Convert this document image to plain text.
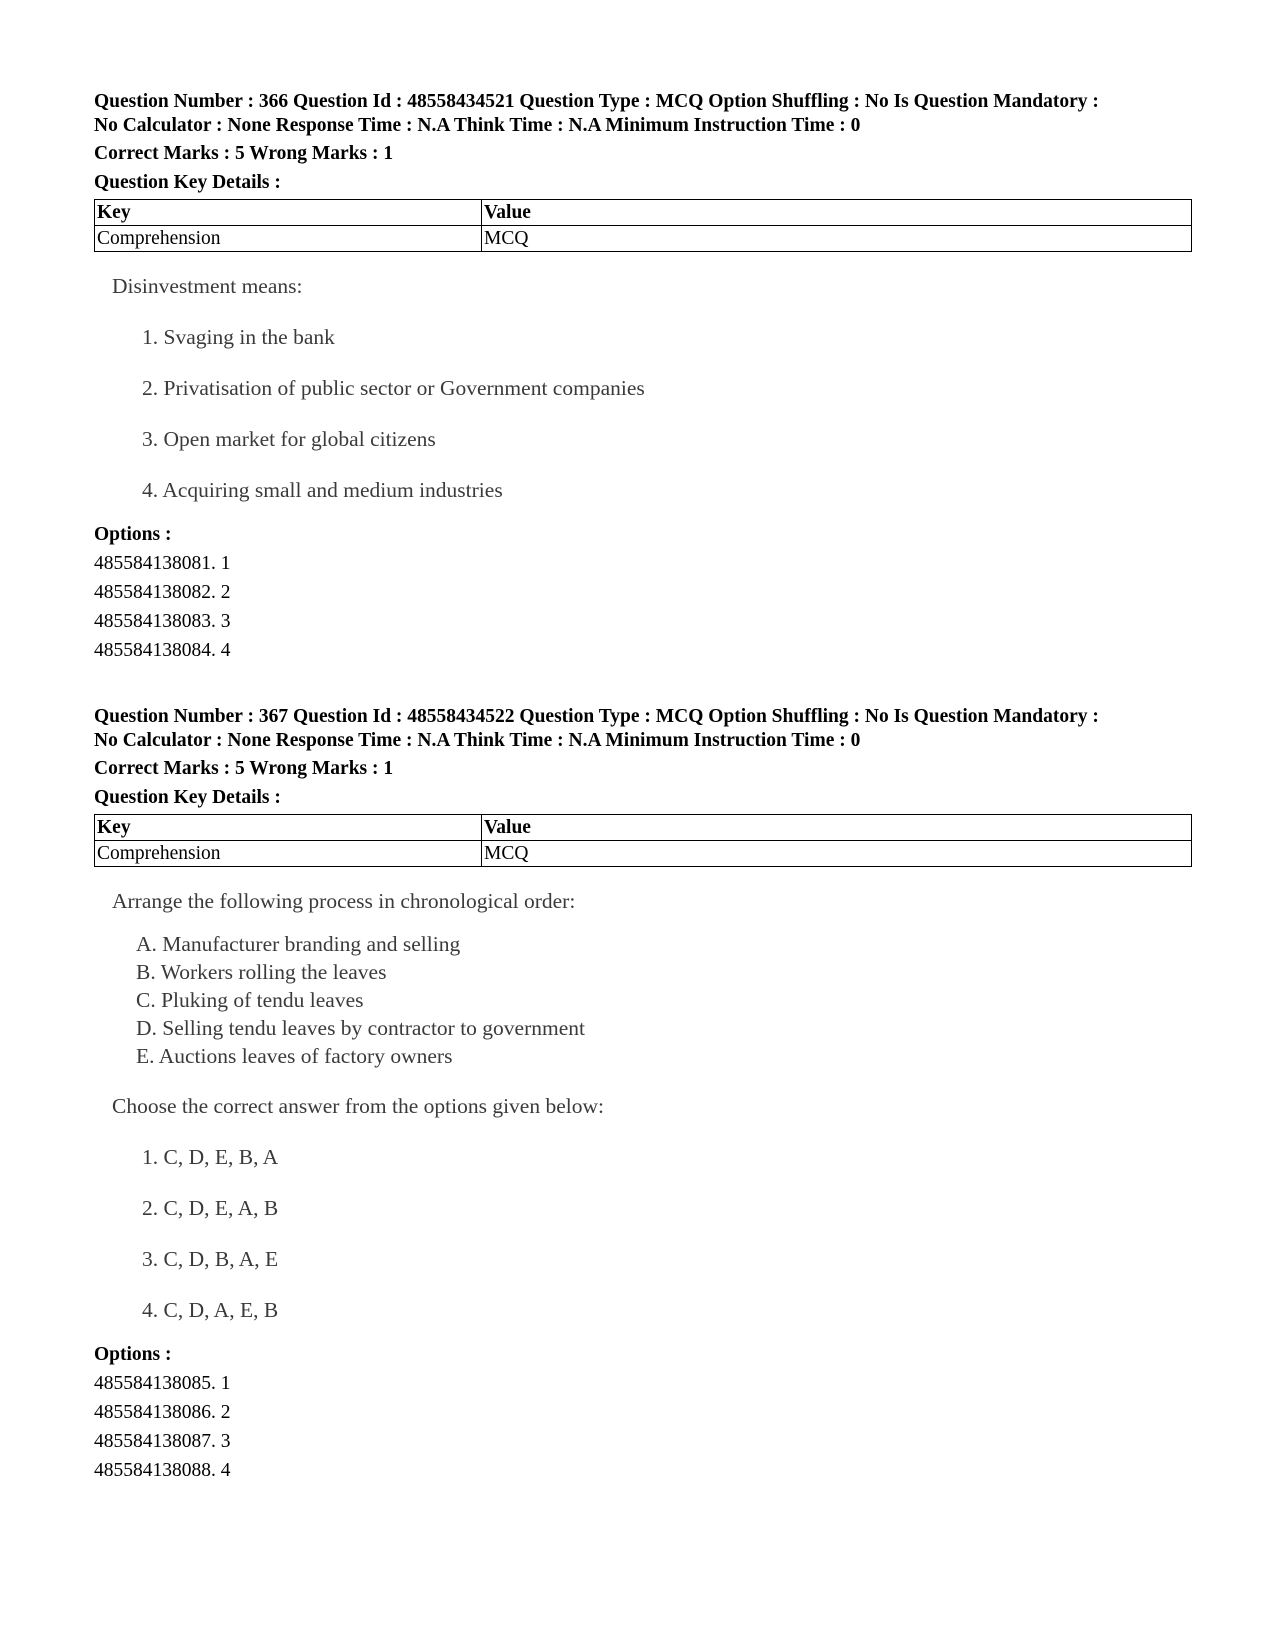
Question Number : 366 Question Id : 48558434521 Question Type : MCQ Option Shuffling : No Is Question Mandatory :
No Calculator : None Response Time : N.A Think Time : N.A Minimum Instruction Time : 0
Correct Marks : 5 Wrong Marks : 1
Question Key Details :
Key	Value
Comprehension	MCQ
Disinvestment means:
1. Svaging in the bank
2. Privatisation of public sector or Government companies
3. Open market for global citizens
4. Acquiring small and medium industries
Options :
485584138081. 1
485584138082. 2
485584138083. 3
485584138084. 4
Question Number : 367 Question Id : 48558434522 Question Type : MCQ Option Shuffling : No Is Question Mandatory :
No Calculator : None Response Time : N.A Think Time : N.A Minimum Instruction Time : 0
Correct Marks : 5 Wrong Marks : 1
Question Key Details :
Key	Value
Comprehension	MCQ
Arrange the following process in chronological order:
A. Manufacturer branding and selling
B. Workers rolling the leaves
C. Pluking of tendu leaves
D. Selling tendu leaves by contractor to government
E. Auctions leaves of factory owners
Choose the correct answer from the options given below:
1. C, D, E, B, A
2. C, D, E, A, B
3. C, D, B, A, E
4. C, D, A, E, B
Options :
485584138085. 1
485584138086. 2
485584138087. 3
485584138088. 4
